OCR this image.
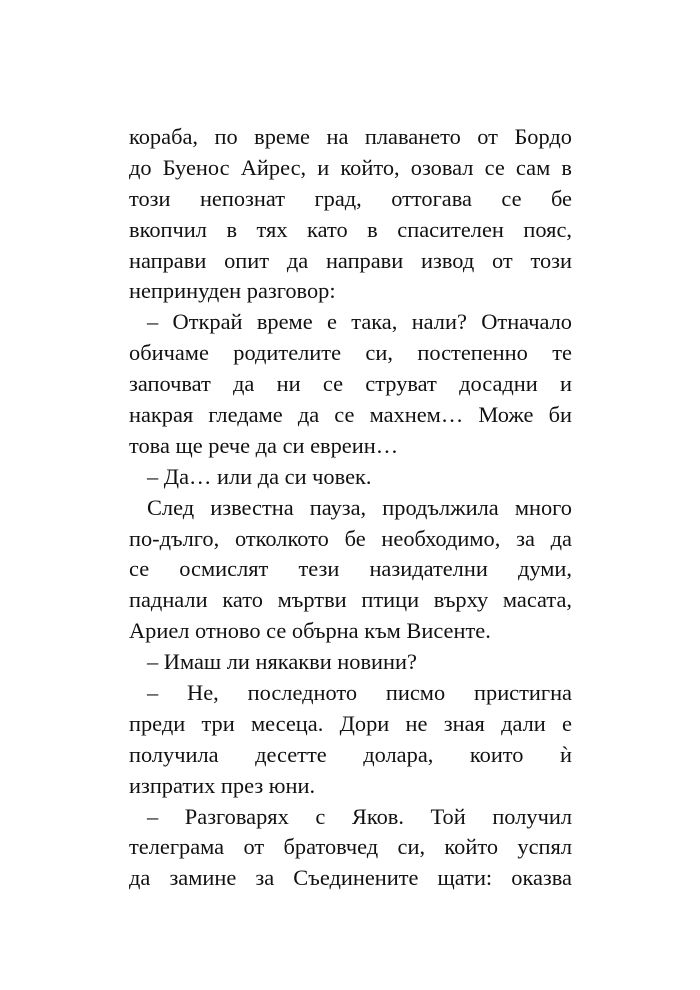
кораба, по време на плаването от Бордо
до Буенос Айрес, и който, озовал се сам в
този непознат град, оттогава се бе
вкопчил в тях като в спасителен пояс,
направи опит да направи извод от този
непринуден разговор:
– Открай време е така, нали? Отначало
обичаме родителите си, постепенно те
започват да ни се струват досадни и
накрая гледаме да се махнем… Може би
това ще рече да си евреин…
– Да… или да си човек.
След известна пауза, продължила много
по-дълго, отколкото бе необходимо, за да
се осмислят тези назидателни думи,
паднали като мъртви птици върху масата,
Ариел отново се обърна към Висенте.
– Имаш ли някакви новини?
– Не, последното писмо пристигна
преди три месеца. Дори не зная дали е
получила десетте долара, които ѝ
изпратих през юни.
– Разговарях с Яков. Той получил
телеграма от братовчед си, който успял
да замине за Съединените щати: оказва
